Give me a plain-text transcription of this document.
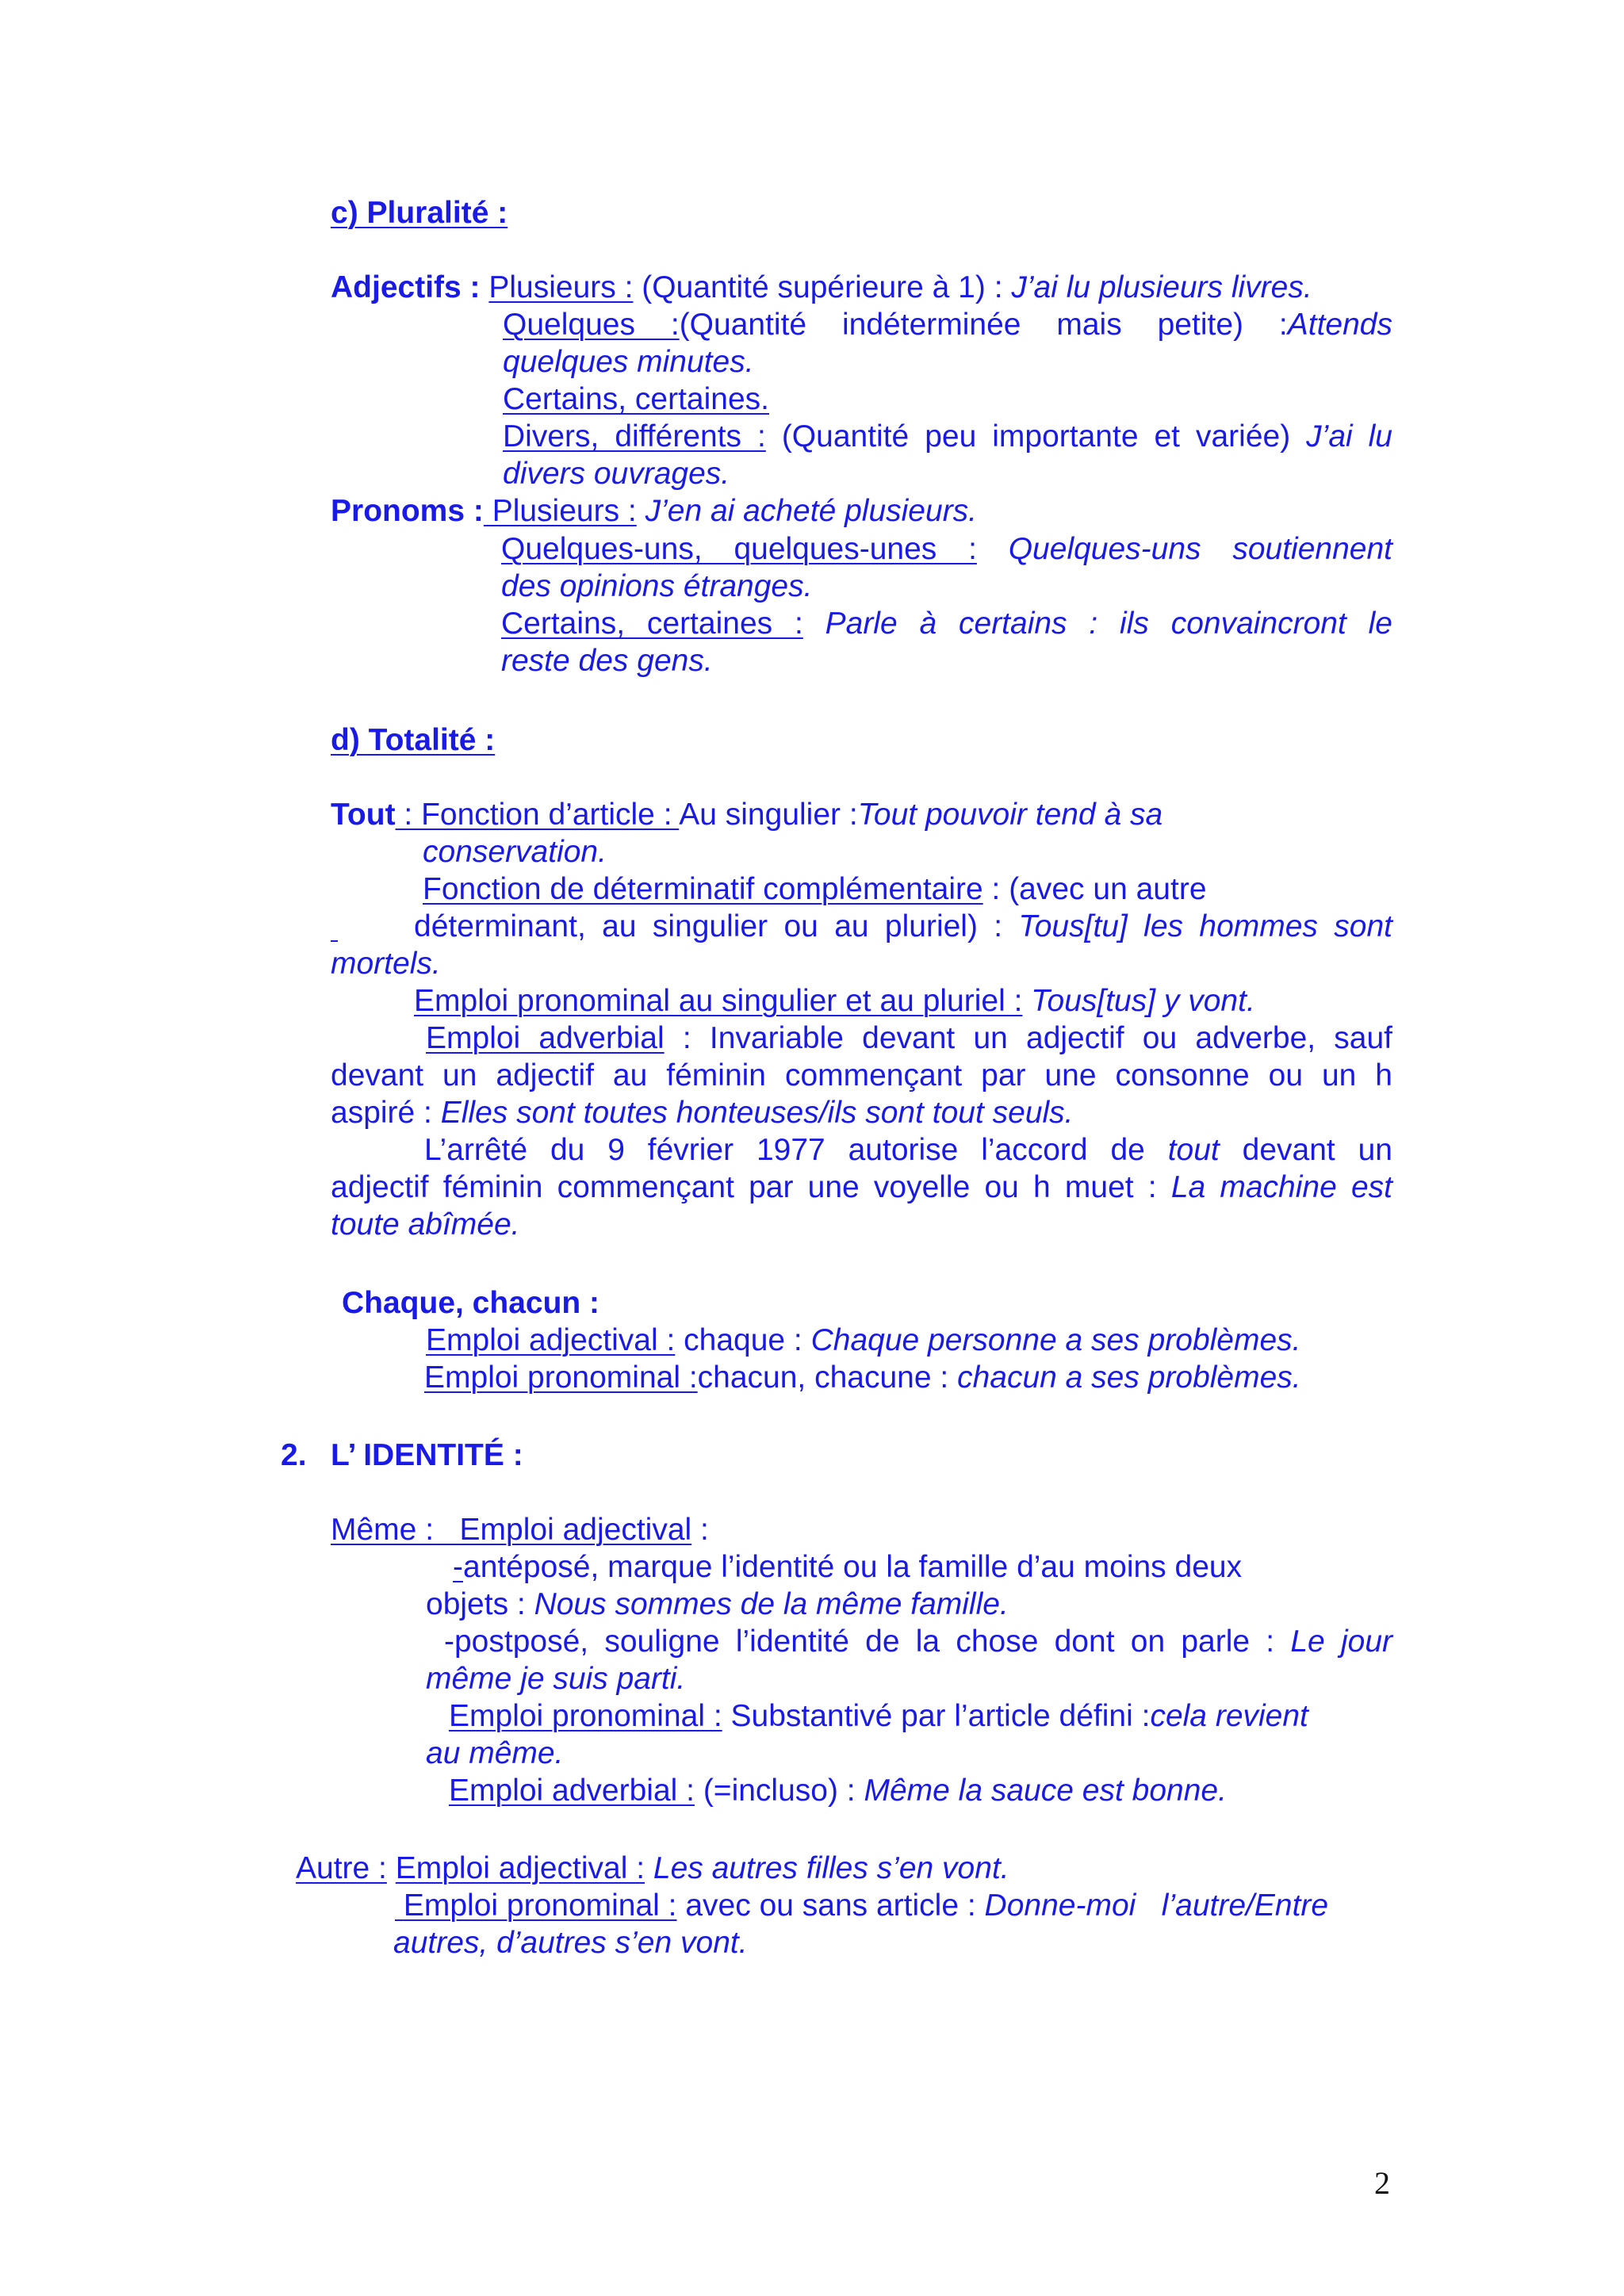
c) Pluralité :

Adjectifs : Plusieurs : (Quantité supérieure à 1) : J’ai lu plusieurs livres.

Quelques :(Quantité indéterminée mais petite) :Attends

quelques minutes.

Certains, certaines.

Divers, différents : (Quantité peu importante et variée) J’ai lu

divers ouvrages.

Pronoms : Plusieurs : J’en ai acheté plusieurs.

Quelques-uns, quelques-unes : Quelques-uns soutiennent

des opinions étranges.

Certains, certaines : Parle à certains : ils convaincront le

reste des gens.

d) Totalité :

Tout : Fonction d’article : Au singulier :Tout pouvoir tend à sa

conservation.

Fonction de déterminatif complémentaire : (avec un autre

déterminant, au singulier ou au pluriel) : Tous[tu] les hommes sont

mortels.

Emploi pronominal au singulier et au pluriel : Tous[tus] y vont.

Emploi adverbial : Invariable devant un adjectif ou adverbe, sauf

devant un adjectif au féminin commençant par une consonne ou un h

aspiré : Elles sont toutes honteuses/ils sont tout seuls.

L’arrêté du 9 février 1977 autorise l’accord de tout devant un

adjectif féminin commençant par une voyelle ou h muet : La machine est

toute abîmée.

Chaque, chacun :

Emploi adjectival : chaque : Chaque personne a ses problèmes.

Emploi pronominal :chacun, chacune : chacun a ses problèmes.

2. L’ IDENTITÉ :

Même : Emploi adjectival :

-antéposé, marque l’identité ou la famille d’au moins deux

objets : Nous sommes de la même famille.

-postposé, souligne l’identité de la chose dont on parle : Le jour

même je suis parti.

Emploi pronominal : Substantivé par l’article défini :cela revient

au même.

Emploi adverbial : (=incluso) : Même la sauce est bonne.

Autre : Emploi adjectival : Les autres filles s’en vont.

Emploi pronominal : avec ou sans article : Donne-moi   l’autre/Entre

autres, d’autres s’en vont.

2
